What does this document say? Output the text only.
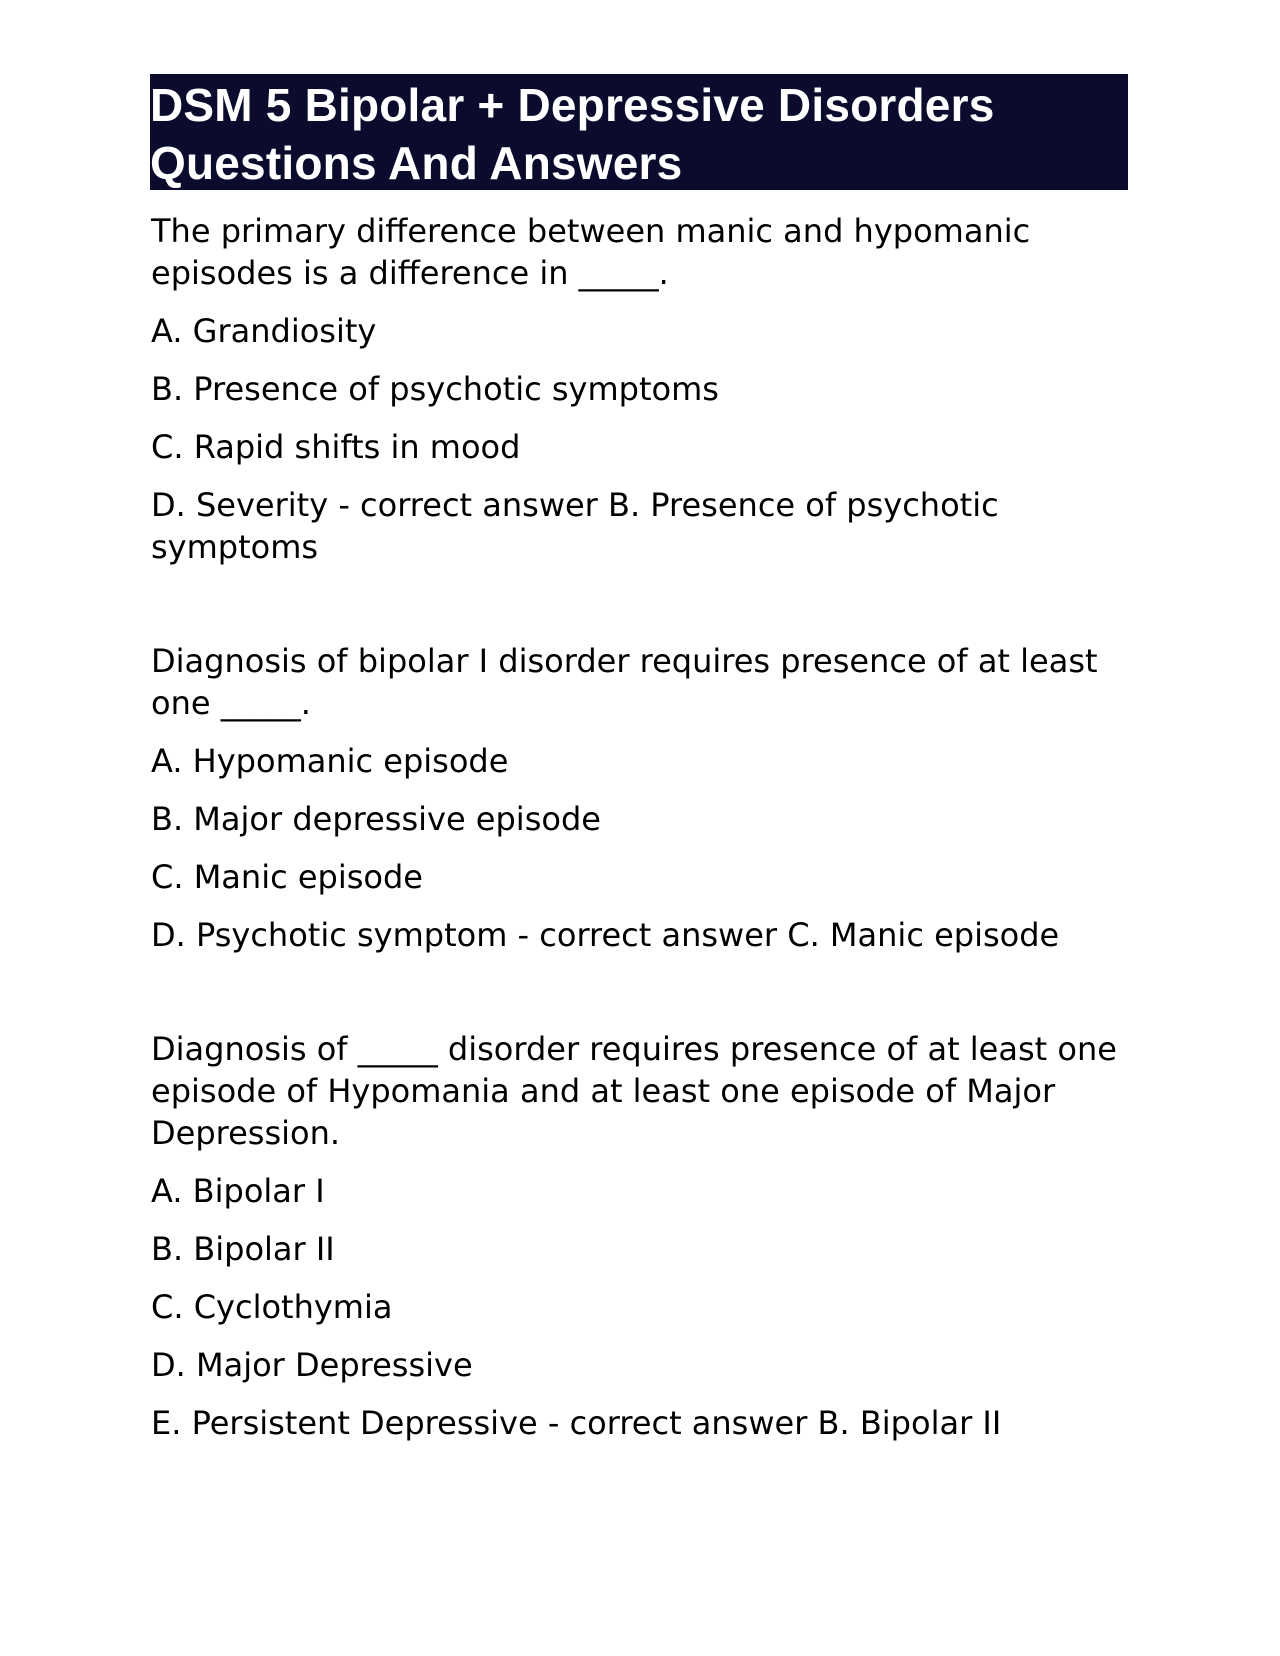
DSM 5 Bipolar + Depressive Disorders
Questions And Answers
The primary difference between manic and hypomanic episodes is a difference in _____.
A. Grandiosity
B. Presence of psychotic symptoms
C. Rapid shifts in mood
D. Severity - correct answer B. Presence of psychotic symptoms
Diagnosis of bipolar I disorder requires presence of at least one _____.
A. Hypomanic episode
B. Major depressive episode
C. Manic episode
D. Psychotic symptom - correct answer C. Manic episode
Diagnosis of _____ disorder requires presence of at least one episode of Hypomania and at least one episode of Major Depression.
A. Bipolar I
B. Bipolar II
C. Cyclothymia
D. Major Depressive
E. Persistent Depressive - correct answer B. Bipolar II
